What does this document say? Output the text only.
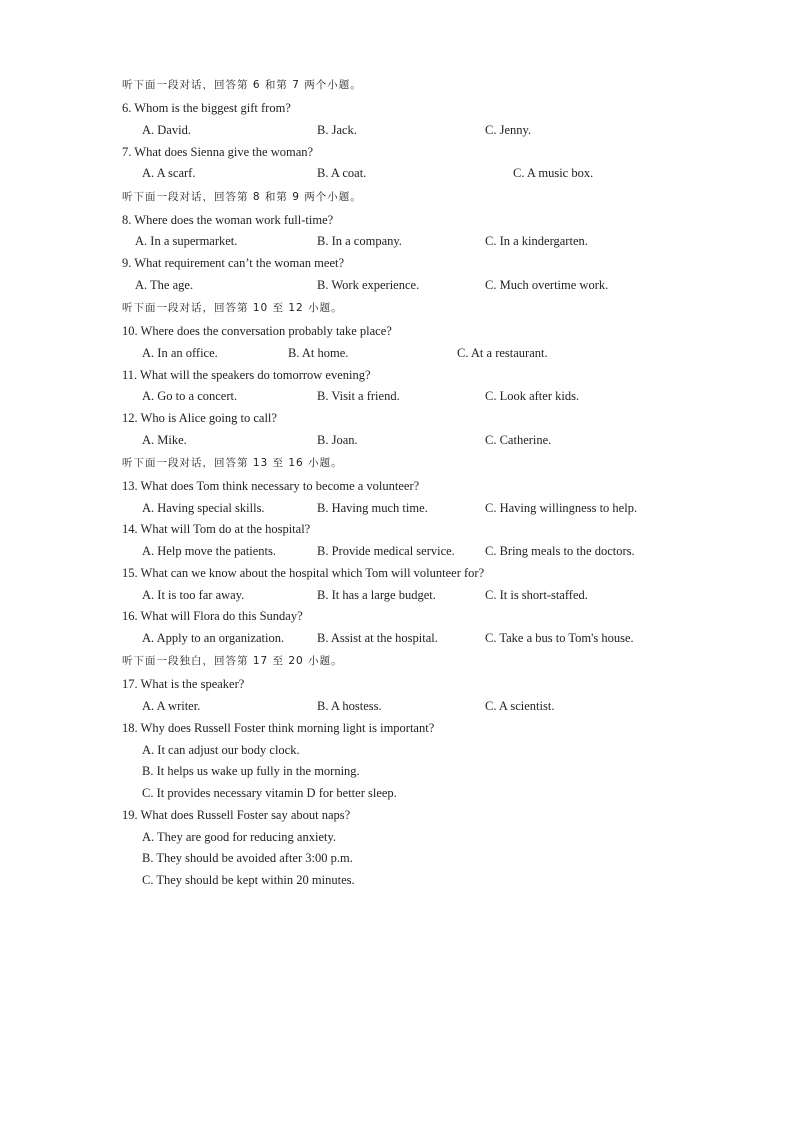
听下面一段对话，回答第 6 和第 7 两个小题。
6. Whom is the biggest gift from?
A. David.	B. Jack.	C. Jenny.
7. What does Sienna give the woman?
A. A scarf.	B. A coat.	C. A music box.
听下面一段对话，回答第 8 和第 9 两个小题。
8. Where does the woman work full-time?
A. In a supermarket.	B. In a company.	C. In a kindergarten.
9. What requirement can’t the woman meet?
A. The age.	B. Work experience.	C. Much overtime work.
听下面一段对话，回答第 10 至 12 小题。
10. Where does the conversation probably take place?
A. In an office.	B. At home.	C. At a restaurant.
11. What will the speakers do tomorrow evening?
A. Go to a concert.	B. Visit a friend.	C. Look after kids.
12. Who is Alice going to call?
A. Mike.	B. Joan.	C. Catherine.
听下面一段对话，回答第 13 至 16 小题。
13. What does Tom think necessary to become a volunteer?
A. Having special skills.	B. Having much time.	C. Having willingness to help.
14. What will Tom do at the hospital?
A. Help move the patients.	B. Provide medical service. C. Bring meals to the doctors.
15. What can we know about the hospital which Tom will volunteer for?
A. It is too far away.	B. It has a large budget.	C. It is short-staffed.
16. What will Flora do this Sunday?
A. Apply to an organization.	B. Assist at the hospital.	C. Take a bus to Tom's house.
听下面一段独白，回答第 17 至 20 小题。
17. What is the speaker?
A. A writer.	B. A hostess.	C. A scientist.
18. Why does Russell Foster think morning light is important?
A. It can adjust our body clock.
B. It helps us wake up fully in the morning.
C. It provides necessary vitamin D for better sleep.
19. What does Russell Foster say about naps?
A. They are good for reducing anxiety.
B. They should be avoided after 3:00 p.m.
C. They should be kept within 20 minutes.
